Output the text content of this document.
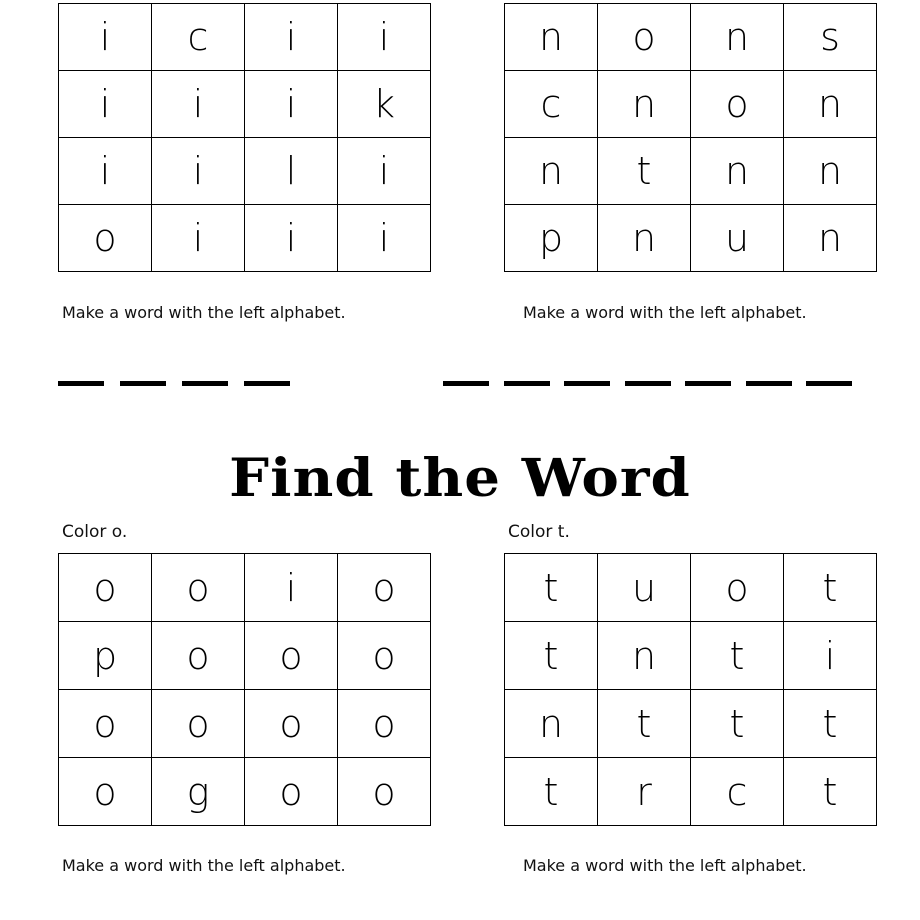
i	c	i	i
i	i	i	k
i	i	l	i
o	i	i	i
n	o	n	s
c	n	o	n
n	t	n	n
p	n	u	n
Make a word with the left alphabet.	Make a word with the left alphabet.
Find the Word
Color o.	Color t.
o	o	i	o
p	o	o	o
o	o	o	o
o	g	o	o
t	u	o	t
t	n	t	i
n	t	t	t
t	r	c	t
Make a word with the left alphabet.	Make a word with the left alphabet.
